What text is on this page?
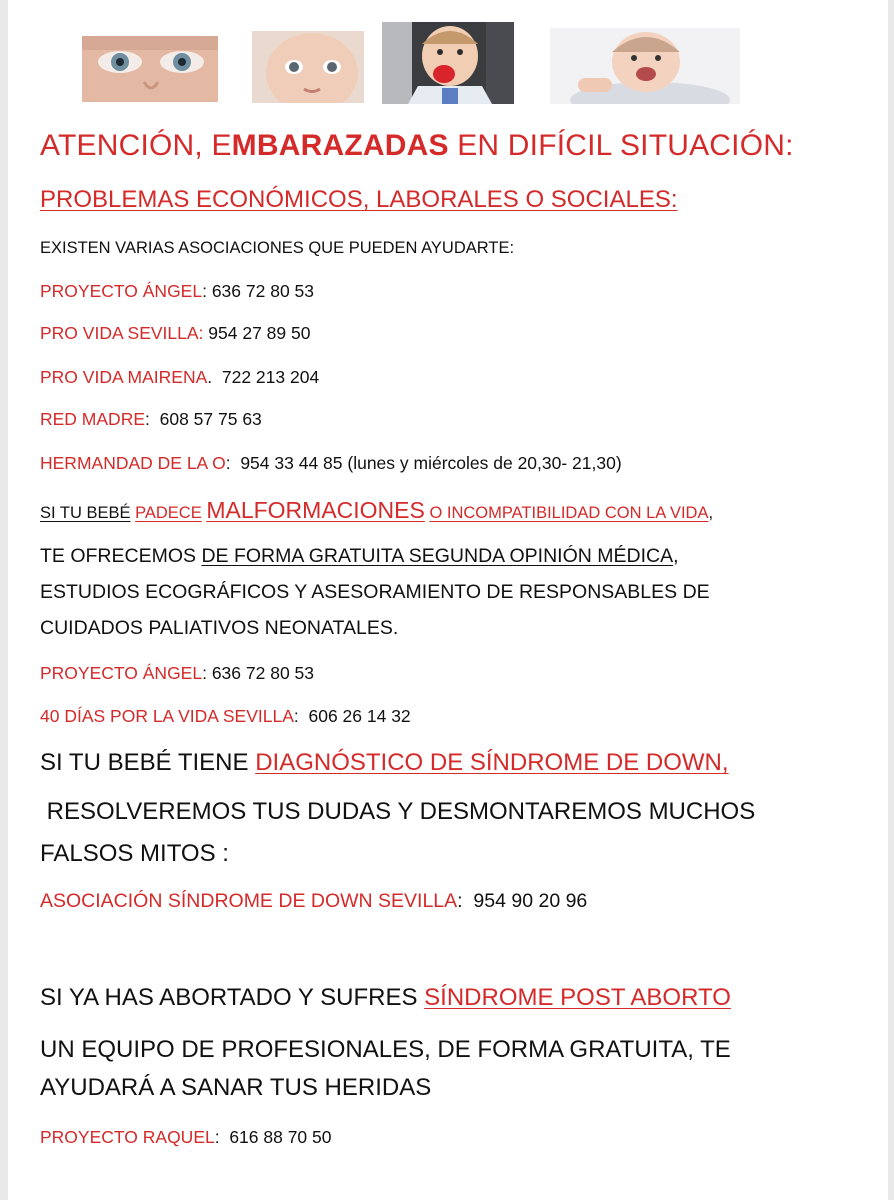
ATENCIÓN, EMBARAZADAS EN DIFÍCIL SITUACIÓN:
PROBLEMAS ECONÓMICOS, LABORALES O SOCIALES:
EXISTEN VARIAS ASOCIACIONES QUE PUEDEN AYUDARTE:
PROYECTO ÁNGEL: 636 72 80 53
PRO VIDA SEVILLA: 954 27 89 50
PRO VIDA MAIRENA.  722 213 204
RED MADRE:  608 57 75 63
HERMANDAD DE LA O:  954 33 44 85 (lunes y miércoles de 20,30- 21,30)
SI TU BEBÉ PADECE MALFORMACIONES O INCOMPATIBILIDAD CON LA VIDA,
TE OFRECEMOS DE FORMA GRATUITA SEGUNDA OPINIÓN MÉDICA,
ESTUDIOS ECOGRÁFICOS Y ASESORAMIENTO DE RESPONSABLES DE
CUIDADOS PALIATIVOS NEONATALES.
PROYECTO ÁNGEL: 636 72 80 53
40 DÍAS POR LA VIDA SEVILLA:  606 26 14 32
SI TU BEBÉ TIENE DIAGNÓSTICO DE SÍNDROME DE DOWN,
RESOLVEREMOS TUS DUDAS Y DESMONTAREMOS MUCHOS
FALSOS MITOS :
ASOCIACIÓN SÍNDROME DE DOWN SEVILLA:  954 90 20 96
SI YA HAS ABORTADO Y SUFRES SÍNDROME POST ABORTO
UN EQUIPO DE PROFESIONALES, DE FORMA GRATUITA, TE
AYUDARÁ A SANAR TUS HERIDAS
PROYECTO RAQUEL:  616 88 70 50
